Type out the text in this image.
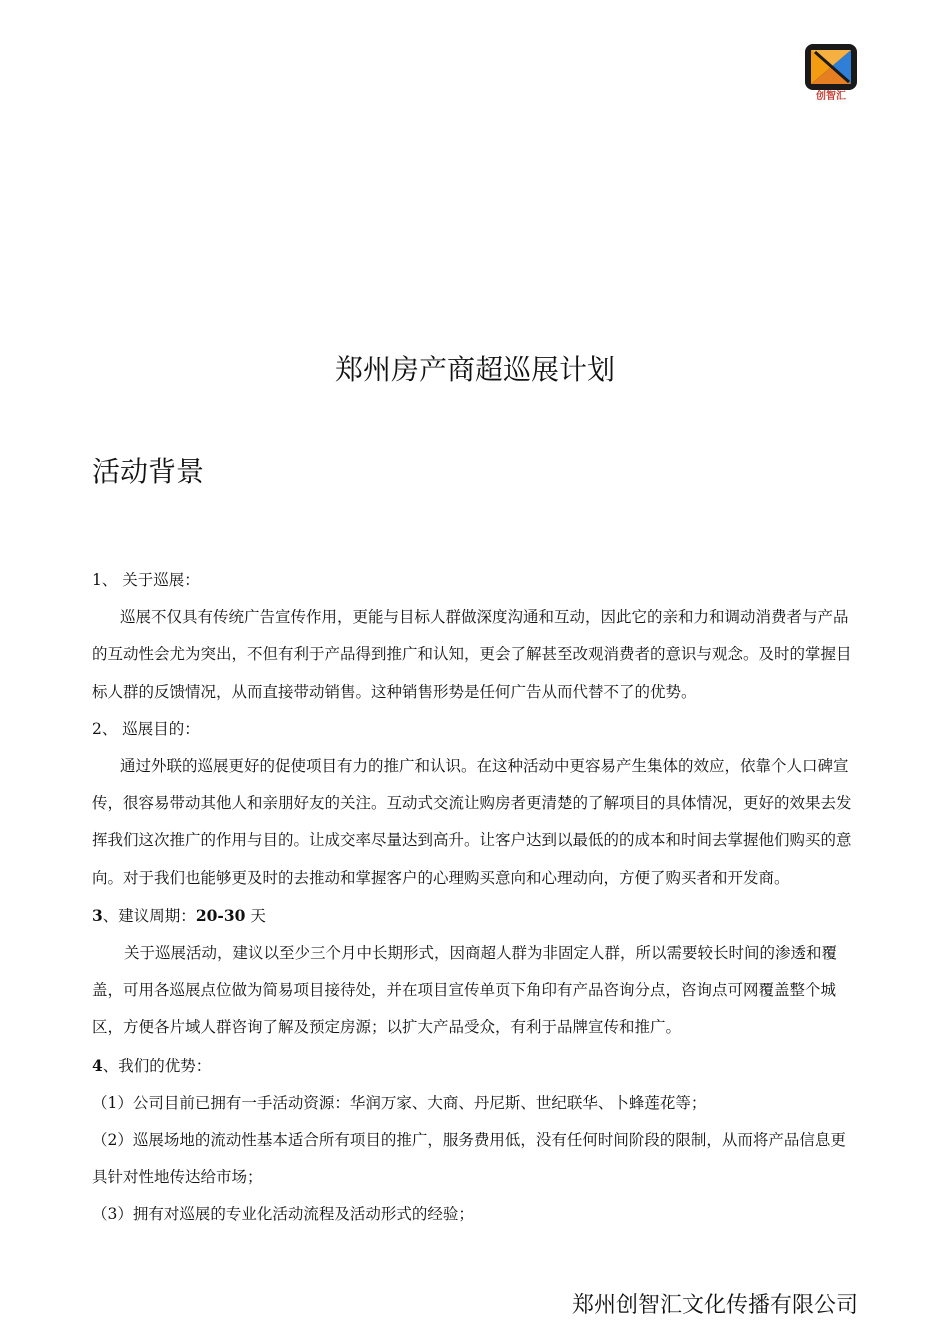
创智汇
郑州房产商超巡展计划
活动背景

1、 关于巡展：

巡展不仅具有传统广告宣传作用，更能与目标人群做深度沟通和互动，因此它的亲和力和调动消费者与产品的互动性会尤为突出，不但有利于产品得到推广和认知，更会了解甚至改观消费者的意识与观念。及时的掌握目标人群的反馈情况，从而直接带动销售。这种销售形势是任何广告从而代替不了的优势。

2、 巡展目的：

通过外联的巡展更好的促使项目有力的推广和认识。在这种活动中更容易产生集体的效应，依靠个人口碑宣传，很容易带动其他人和亲朋好友的关注。互动式交流让购房者更清楚的了解项目的具体情况，更好的效果去发挥我们这次推广的作用与目的。让成交率尽量达到高升。让客户达到以最低的的成本和时间去掌握他们购买的意向。对于我们也能够更及时的去推动和掌握客户的心理购买意向和心理动向，方便了购买者和开发商。

3、建议周期：20-30 天

关于巡展活动，建议以至少三个月中长期形式，因商超人群为非固定人群，所以需要较长时间的渗透和覆盖，可用各巡展点位做为简易项目接待处，并在项目宣传单页下角印有产品咨询分点，咨询点可网覆盖整个城区，方便各片域人群咨询了解及预定房源；以扩大产品受众，有利于品牌宣传和推广。

4、我们的优势：

（1）公司目前已拥有一手活动资源：华润万家、大商、丹尼斯、世纪联华、卜蜂莲花等；

（2）巡展场地的流动性基本适合所有项目的推广，服务费用低，没有任何时间阶段的限制，从而将产品信息更具针对性地传达给市场；

（3）拥有对巡展的专业化活动流程及活动形式的经验；

郑州创智汇文化传播有限公司
